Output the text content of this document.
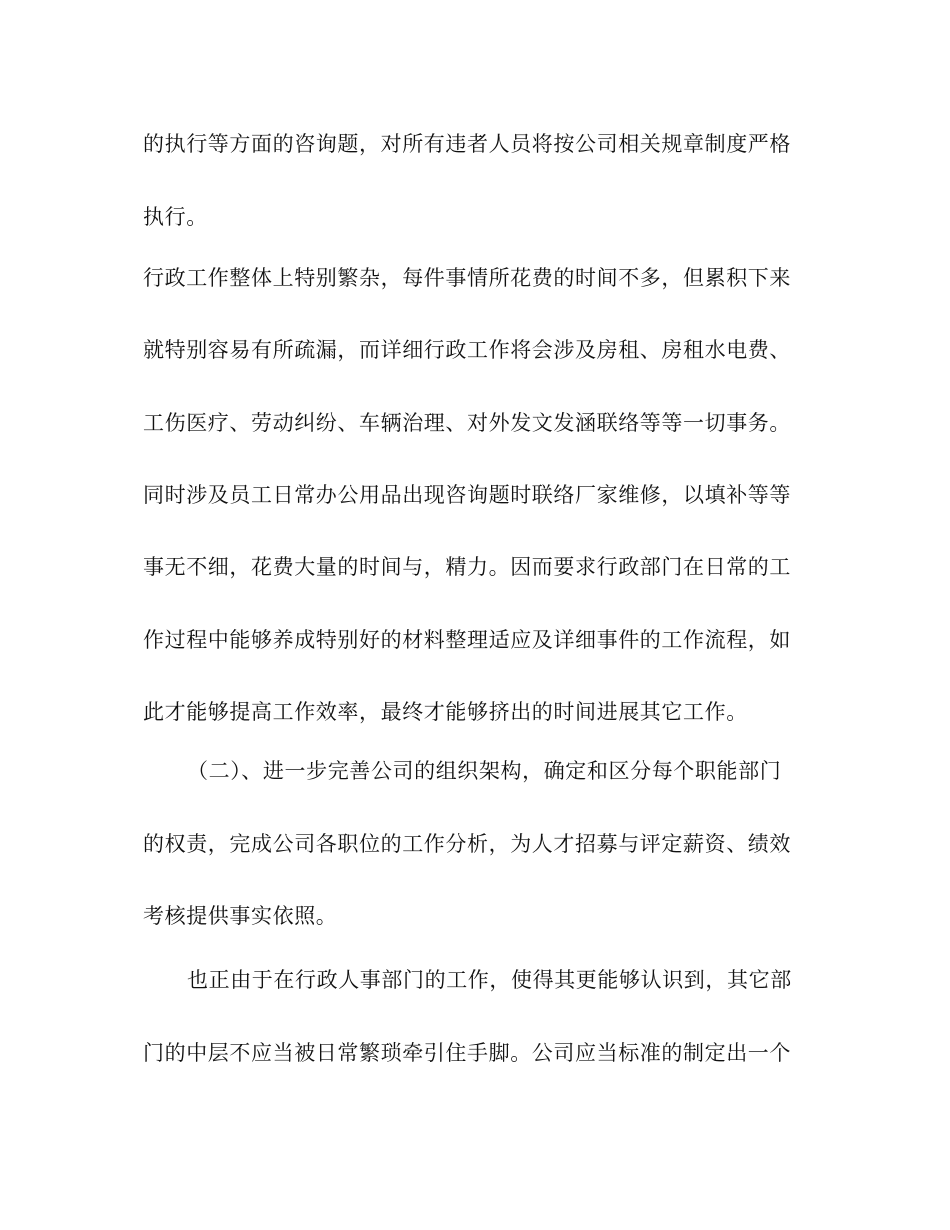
的执行等方面的咨询题，对所有违者人员将按公司相关规章制度严格

执行。

行政工作整体上特别繁杂，每件事情所花费的时间不多，但累积下来

就特别容易有所疏漏，而详细行政工作将会涉及房租、房租水电费、

工伤医疗、劳动纠纷、车辆治理、对外发文发涵联络等等一切事务。

同时涉及员工日常办公用品出现咨询题时联络厂家维修，以填补等等

事无不细，花费大量的时间与，精力。因而要求行政部门在日常的工

作过程中能够养成特别好的材料整理适应及详细事件的工作流程，如

此才能够提高工作效率，最终才能够挤出的时间进展其它工作。

（二）、进一步完善公司的组织架构，确定和区分每个职能部门

的权责，完成公司各职位的工作分析，为人才招募与评定薪资、绩效

考核提供事实依照。

也正由于在行政人事部门的工作，使得其更能够认识到，其它部

门的中层不应当被日常繁琐牵引住手脚。公司应当标准的制定出一个
